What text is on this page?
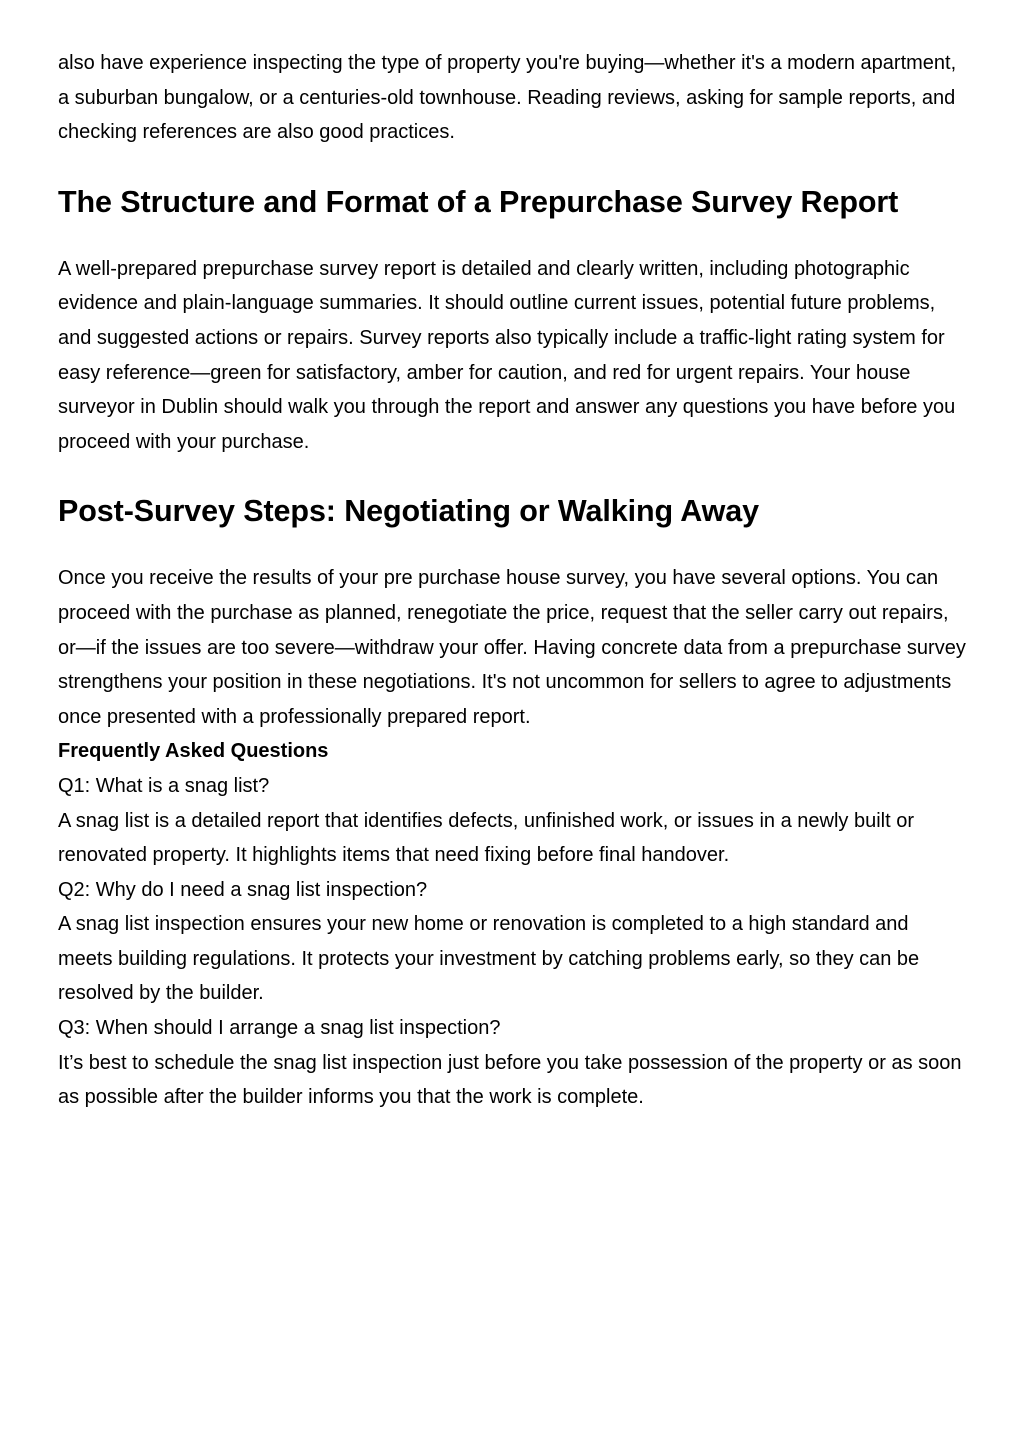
also have experience inspecting the type of property you're buying—whether it's a modern apartment, a suburban bungalow, or a centuries-old townhouse. Reading reviews, asking for sample reports, and checking references are also good practices.

The Structure and Format of a Prepurchase Survey Report

A well-prepared prepurchase survey report is detailed and clearly written, including photographic evidence and plain-language summaries. It should outline current issues, potential future problems, and suggested actions or repairs. Survey reports also typically include a traffic-light rating system for easy reference—green for satisfactory, amber for caution, and red for urgent repairs. Your house surveyor in Dublin should walk you through the report and answer any questions you have before you proceed with your purchase.

Post-Survey Steps: Negotiating or Walking Away

Once you receive the results of your pre purchase house survey, you have several options. You can proceed with the purchase as planned, renegotiate the price, request that the seller carry out repairs, or—if the issues are too severe—withdraw your offer. Having concrete data from a prepurchase survey strengthens your position in these negotiations. It's not uncommon for sellers to agree to adjustments once presented with a professionally prepared report.

Frequently Asked Questions

Q1: What is a snag list?

A snag list is a detailed report that identifies defects, unfinished work, or issues in a newly built or renovated property. It highlights items that need fixing before final handover.

Q2: Why do I need a snag list inspection?

A snag list inspection ensures your new home or renovation is completed to a high standard and meets building regulations. It protects your investment by catching problems early, so they can be resolved by the builder.

Q3: When should I arrange a snag list inspection?

It’s best to schedule the snag list inspection just before you take possession of the property or as soon as possible after the builder informs you that the work is complete.
